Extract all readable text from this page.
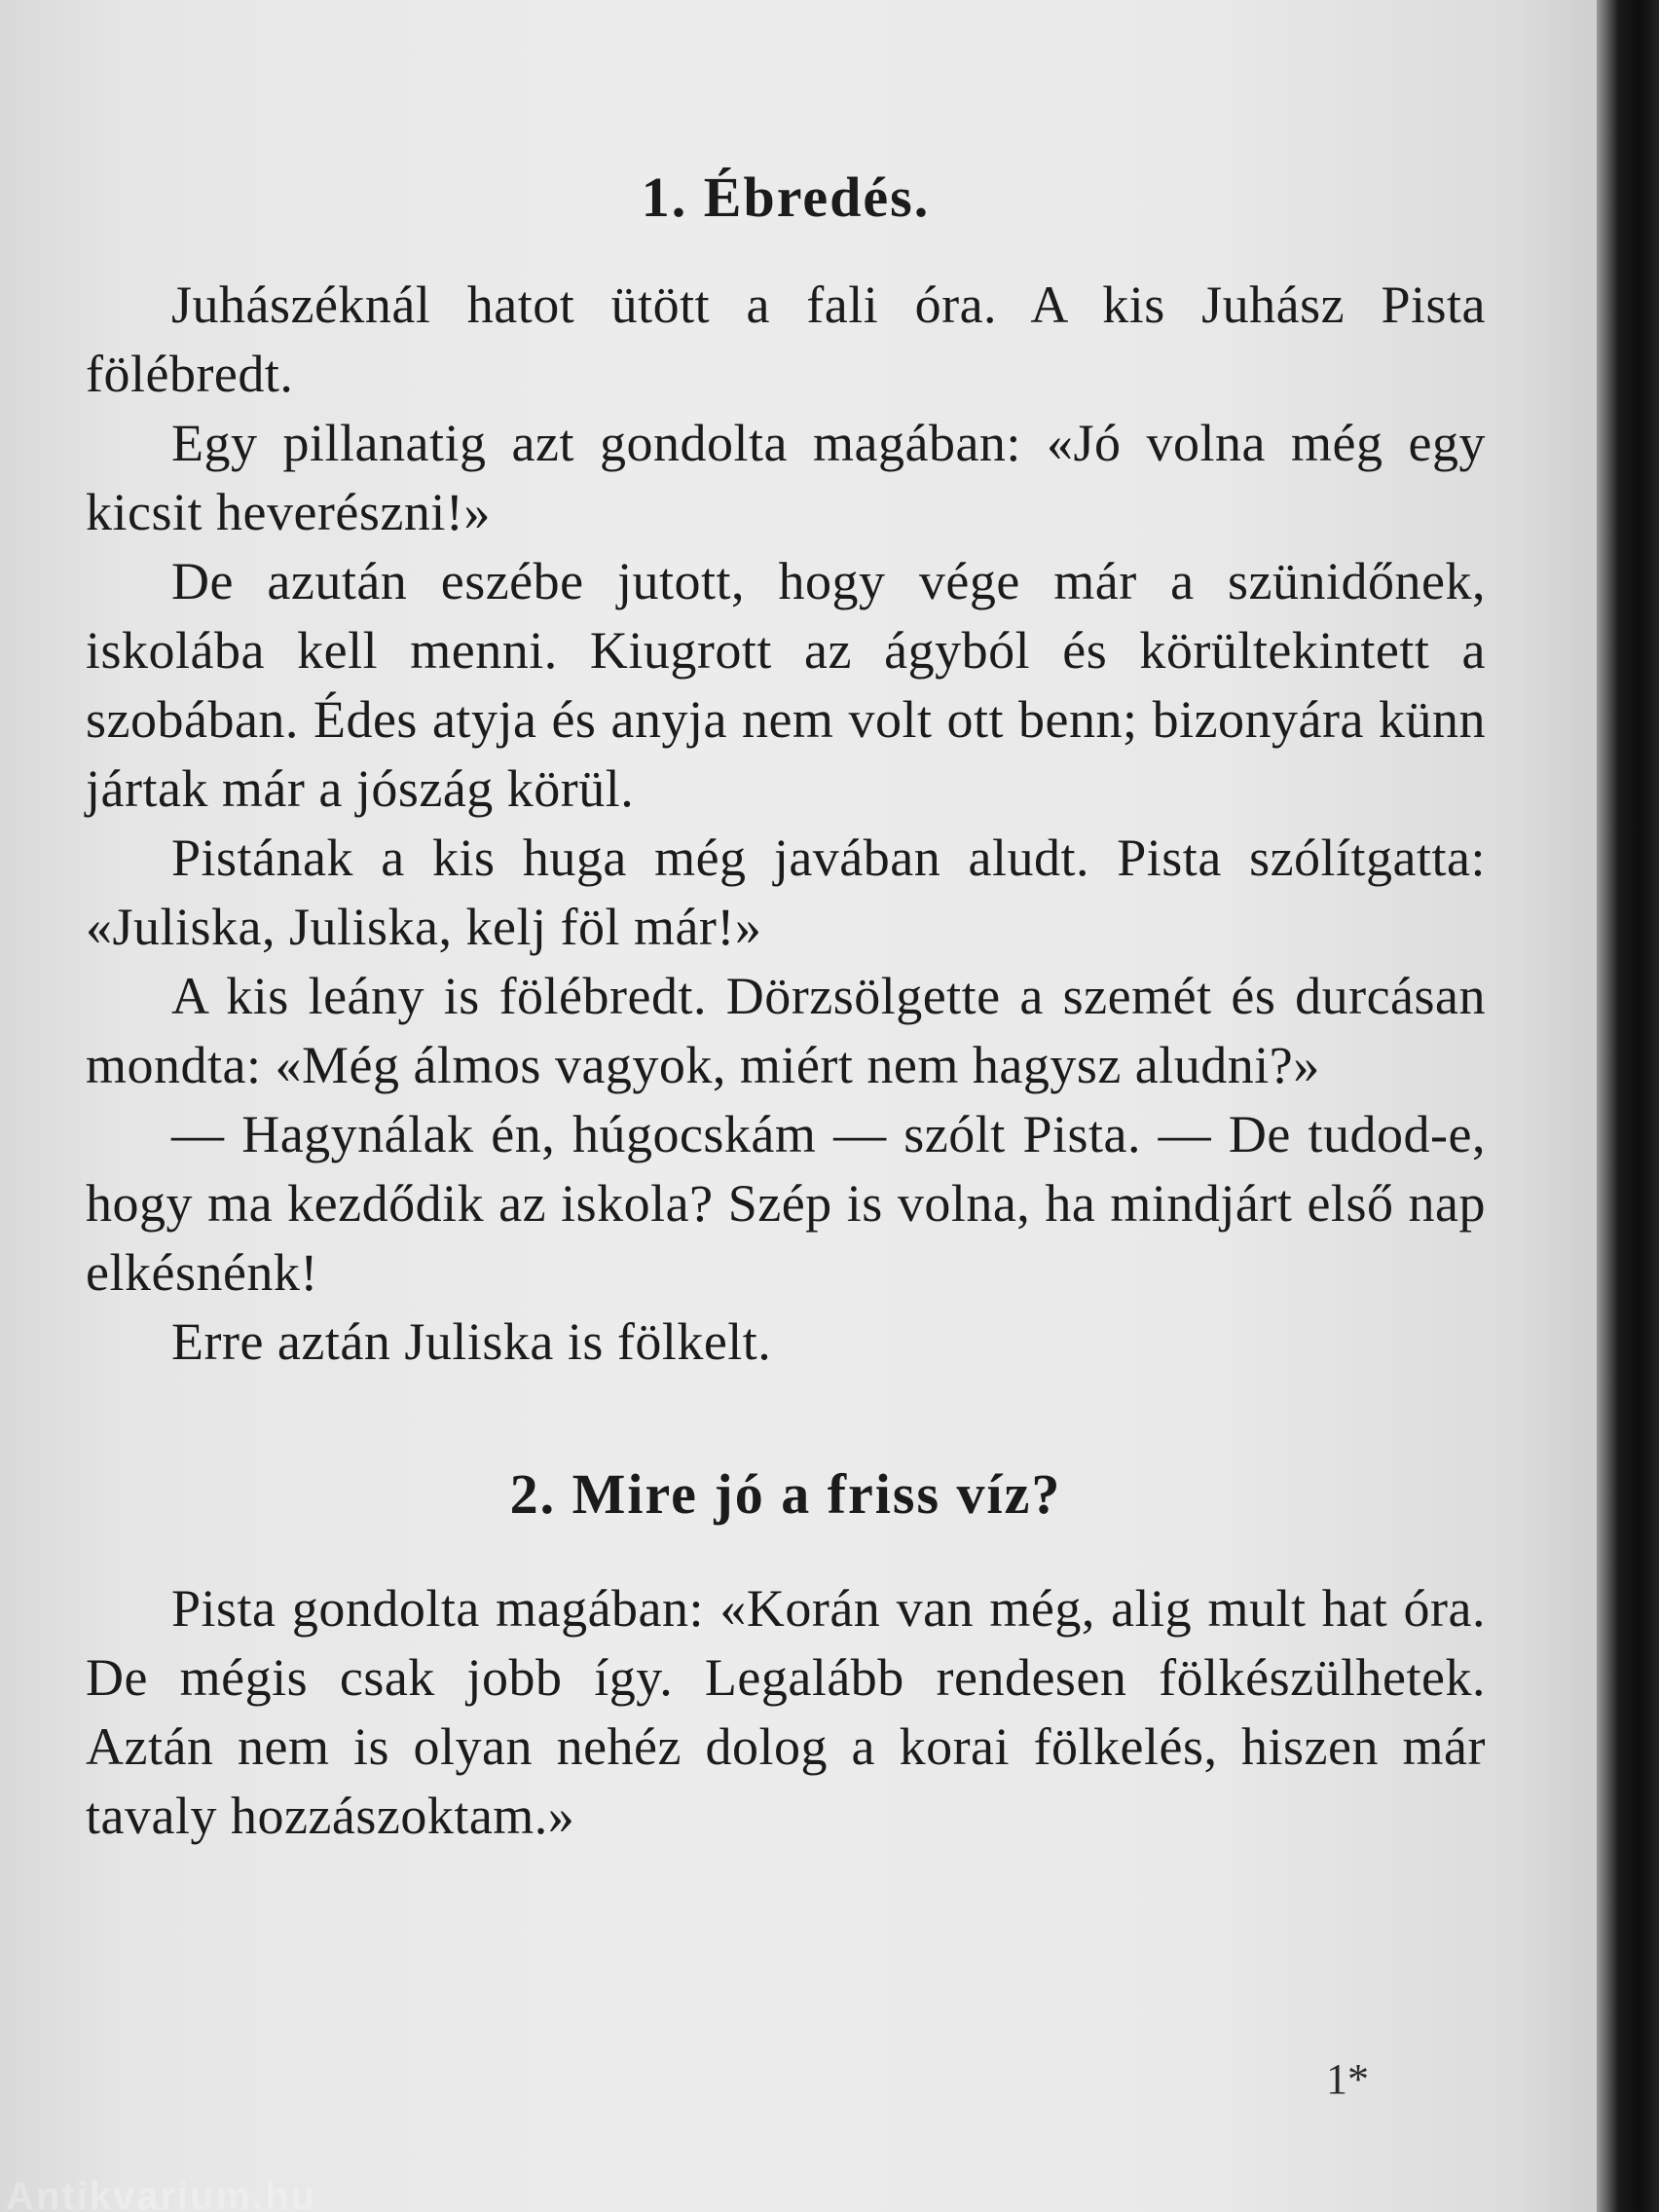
1. Ébredés.

Juhászéknál hatot ütött a fali óra. A kis Juhász Pista fölébredt.

Egy pillanatig azt gondolta magában: «Jó volna még egy kicsit heverészni!»

De azután eszébe jutott, hogy vége már a szünidőnek, iskolába kell menni. Kiugrott az ágyból és körültekintett a szobában. Édes atyja és anyja nem volt ott benn; bizonyára künn jártak már a jószág körül.

Pistának a kis huga még javában aludt. Pista szólítgatta: «Juliska, Juliska, kelj föl már!»

A kis leány is fölébredt. Dörzsölgette a szemét és durcásan mondta: «Még álmos vagyok, miért nem hagysz aludni?»

— Hagynálak én, húgocskám — szólt Pista. — De tudod-e, hogy ma kezdődik az iskola? Szép is volna, ha mindjárt első nap elkésnénk!

Erre aztán Juliska is fölkelt.

2. Mire jó a friss víz?

Pista gondolta magában: «Korán van még, alig mult hat óra. De mégis csak jobb így. Legalább rendesen fölkészülhetek. Aztán nem is olyan nehéz dolog a korai fölkelés, hiszen már tavaly hozzászoktam.»

1*
Antikvarium.hu
